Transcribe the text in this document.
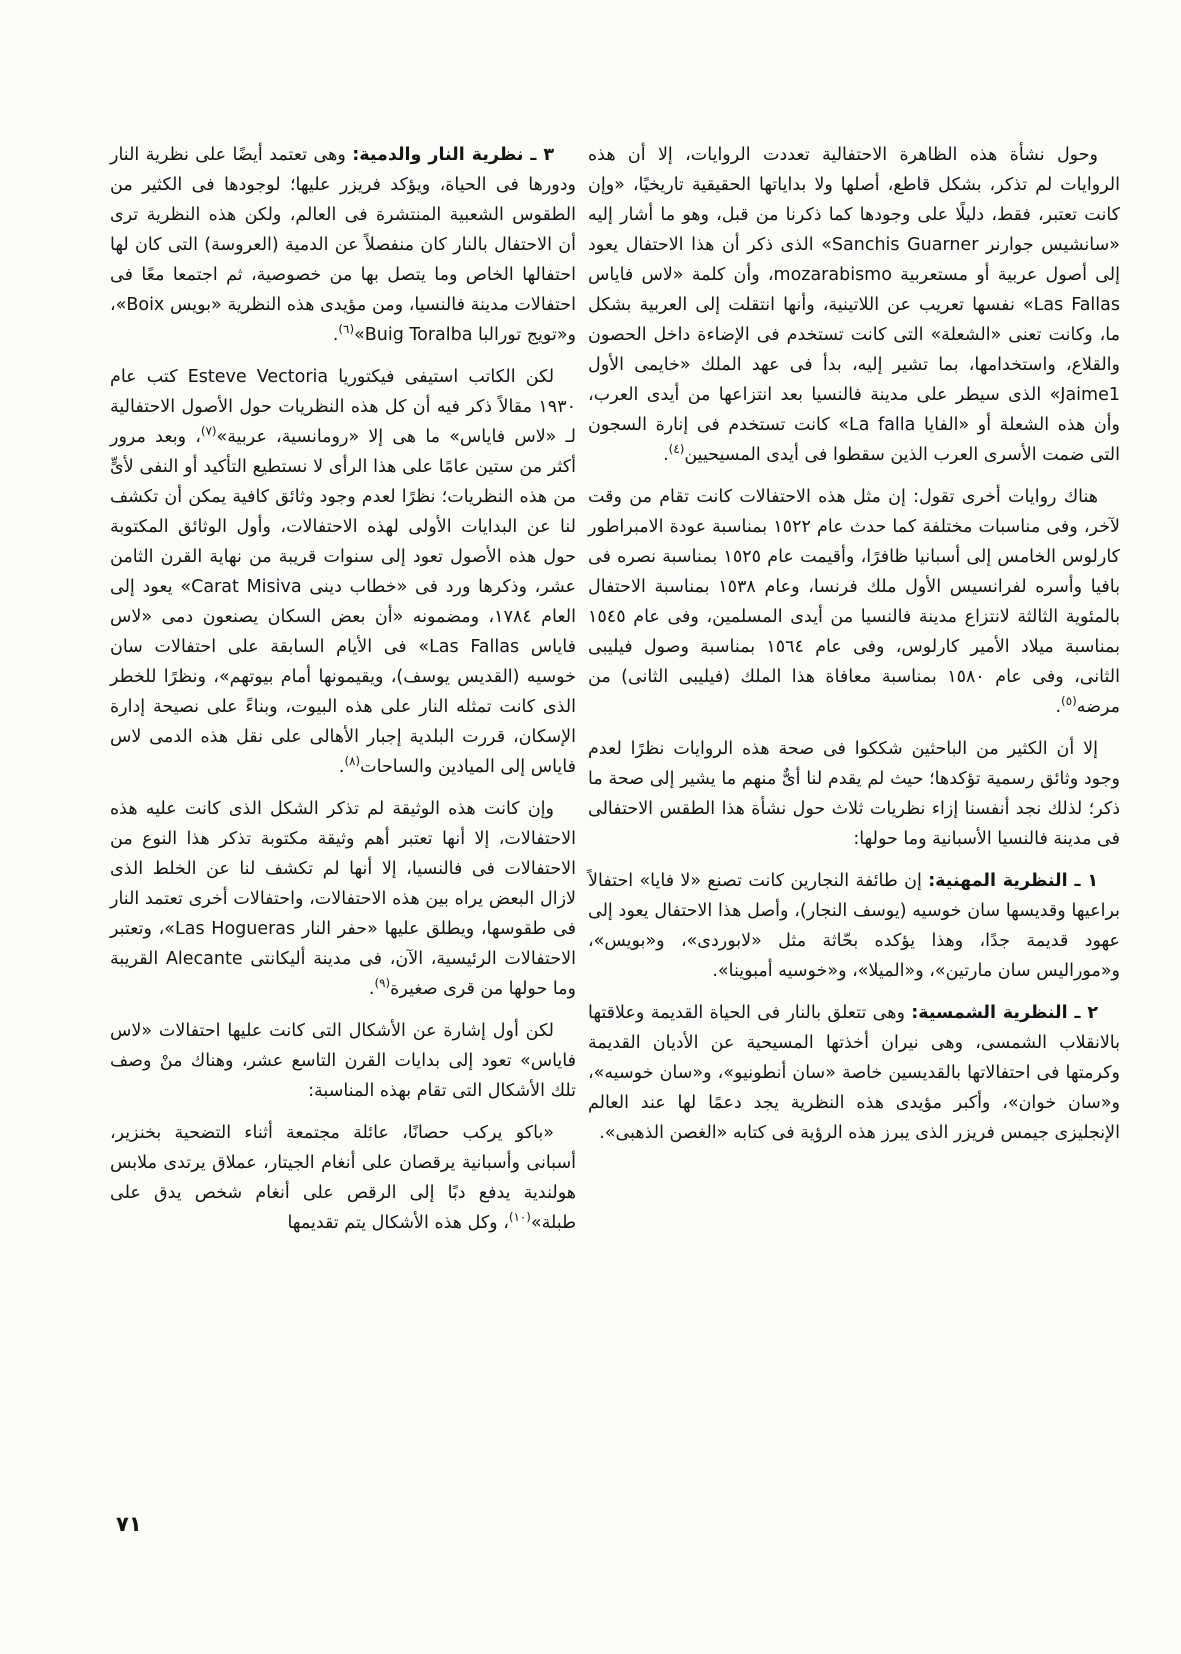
وحول نشأة هذه الظاهرة الاحتفالية تعددت الروايات، إلا أن هذه الروايات لم تذكر، بشكل قاطع، أصلها ولا بداياتها الحقيقية تاريخيًا، «وإن كانت تعتبر، فقط، دليلًا على وجودها كما ذكرنا من قبل، وهو ما أشار إليه «سانشيس جوارنر Sanchis Guarner» الذى ذكر أن هذا الاحتفال يعود إلى أصول عربية أو مستعربية mozarabismo، وأن كلمة «لاس فاياس Las Fallas» نفسها تعريب عن اللاتينية، وأنها انتقلت إلى العربية بشكل ما، وكانت تعنى «الشعلة» التى كانت تستخدم فى الإضاءة داخل الحصون والقلاع، واستخدامها، بما تشير إليه، بدأ فى عهد الملك «خايمى الأول Jaime1» الذى سيطر على مدينة فالنسيا بعد انتزاعها من أيدى العرب، وأن هذه الشعلة أو «الفايا La falla» كانت تستخدم فى إنارة السجون التى ضمت الأسرى العرب الذين سقطوا فى أيدى المسيحيين$^{(٤)}$.

هناك روايات أخرى تقول: إن مثل هذه الاحتفالات كانت تقام من وقت لآخر، وفى مناسبات مختلفة كما حدث عام ١٥٢٢ بمناسبة عودة الامبراطور كارلوس الخامس إلى أسبانيا ظافرًا، وأقيمت عام ١٥٢٥ بمناسبة نصره فى بافيا وأسره لفرانسيس الأول ملك فرنسا، وعام ١٥٣٨ بمناسبة الاحتفال بالمئوية الثالثة لانتزاع مدينة فالنسيا من أيدى المسلمين، وفى عام ١٥٤٥ بمناسبة ميلاد الأمير كارلوس، وفى عام ١٥٦٤ بمناسبة وصول فيليبى الثانى، وفى عام ١٥٨٠ بمناسبة معافاة هذا الملك (فيليبى الثانى) من مرضه$^{(٥)}$.

إلا أن الكثير من الباحثين شككوا فى صحة هذه الروايات نظرًا لعدم وجود وثائق رسمية تؤكدها؛ حيث لم يقدم لنا أىٌّ منهم ما يشير إلى صحة ما ذكر؛ لذلك نجد أنفسنا إزاء نظريات ثلاث حول نشأة هذا الطقس الاحتفالى فى مدينة فالنسيا الأسبانية وما حولها:

١ ـ النظرية المهنية: إن طائفة النجارين كانت تصنع «لا فايا» احتفالاً براعيها وقديسها سان خوسيه (يوسف النجار)، وأصل هذا الاحتفال يعود إلى عهود قديمة جدًا، وهذا يؤكده بحّاثة مثل «لابوردى»، و«بويس»، و«موراليس سان مارتين»، و«الميلا»، و«خوسيه أمبوينا».

٢ ـ النظرية الشمسية: وهى تتعلق بالنار فى الحياة القديمة وعلاقتها بالانقلاب الشمسى، وهى نيران أخذتها المسيحية عن الأديان القديمة وكرمتها فى احتفالاتها بالقديسين خاصة «سان أنطونيو»، و«سان خوسيه»، و«سان خوان»، وأكبر مؤيدى هذه النظرية يجد دعمًا لها عند العالم الإنجليزى جيمس فريزر الذى يبرز هذه الرؤية فى كتابه «الغصن الذهبى».

٣ ـ نظرية النار والدمية: وهى تعتمد أيضًا على نظرية النار ودورها فى الحياة، ويؤكد فريزر عليها؛ لوجودها فى الكثير من الطقوس الشعبية المنتشرة فى العالم، ولكن هذه النظرية ترى أن الاحتفال بالنار كان منفصلاً عن الدمية (العروسة) التى كان لها احتفالها الخاص وما يتصل بها من خصوصية، ثم اجتمعا معًا فى احتفالات مدينة فالنسيا، ومن مؤيدى هذه النظرية «بويس Boix»، و«تويج تورالبا Buig Toralba»$^{(٦)}$.

لكن الكاتب استيفى فيكتوريا Esteve Vectoria كتب عام ١٩٣٠ مقالاً ذكر فيه أن كل هذه النظريات حول الأصول الاحتفالية لـ «لاس فاياس» ما هى إلا «رومانسية، عربية»$^{(٧)}$، وبعد مرور أكثر من ستين عامًا على هذا الرأى لا نستطيع التأكيد أو النفى لأىٍّ من هذه النظريات؛ نظرًا لعدم وجود وثائق كافية يمكن أن تكشف لنا عن البدايات الأولى لهذه الاحتفالات، وأول الوثائق المكتوبة حول هذه الأصول تعود إلى سنوات قريبة من نهاية القرن الثامن عشر، وذكرها ورد فى «خطاب دينى Carat Misiva» يعود إلى العام ١٧٨٤، ومضمونه «أن بعض السكان يصنعون دمى «لاس فاياس Las Fallas» فى الأيام السابقة على احتفالات سان خوسيه (القديس يوسف)، ويقيمونها أمام بيوتهم»، ونظرًا للخطر الذى كانت تمثله النار على هذه البيوت، وبناءً على نصيحة إدارة الإسكان، قررت البلدية إجبار الأهالى على نقل هذه الدمى لاس فاياس إلى الميادين والساحات$^{(٨)}$.

وإن كانت هذه الوثيقة لم تذكر الشكل الذى كانت عليه هذه الاحتفالات، إلا أنها تعتبر أهم وثيقة مكتوبة تذكر هذا النوع من الاحتفالات فى فالنسيا، إلا أنها لم تكشف لنا عن الخلط الذى لازال البعض يراه بين هذه الاحتفالات، واحتفالات أخرى تعتمد النار فى طقوسها، ويطلق عليها «حفر النار Las Hogueras»، وتعتبر الاحتفالات الرئيسية، الآن، فى مدينة أليكانتى Alecante القريبة وما حولها من قرى صغيرة$^{(٩)}$.

لكن أول إشارة عن الأشكال التى كانت عليها احتفالات «لاس فاياس» تعود إلى بدايات القرن التاسع عشر، وهناك منْ وصف تلك الأشكال التى تقام بهذه المناسبة:

«باكو يركب حصانًا، عائلة مجتمعة أثناء التضحية بخنزير، أسبانى وأسبانية يرقصان على أنغام الجيتار، عملاق يرتدى ملابس هولندية يدفع دبًا إلى الرقص على أنغام شخص يدق على طبلة»$^{(١٠)}$، وكل هذه الأشكال يتم تقديمها

٧١
